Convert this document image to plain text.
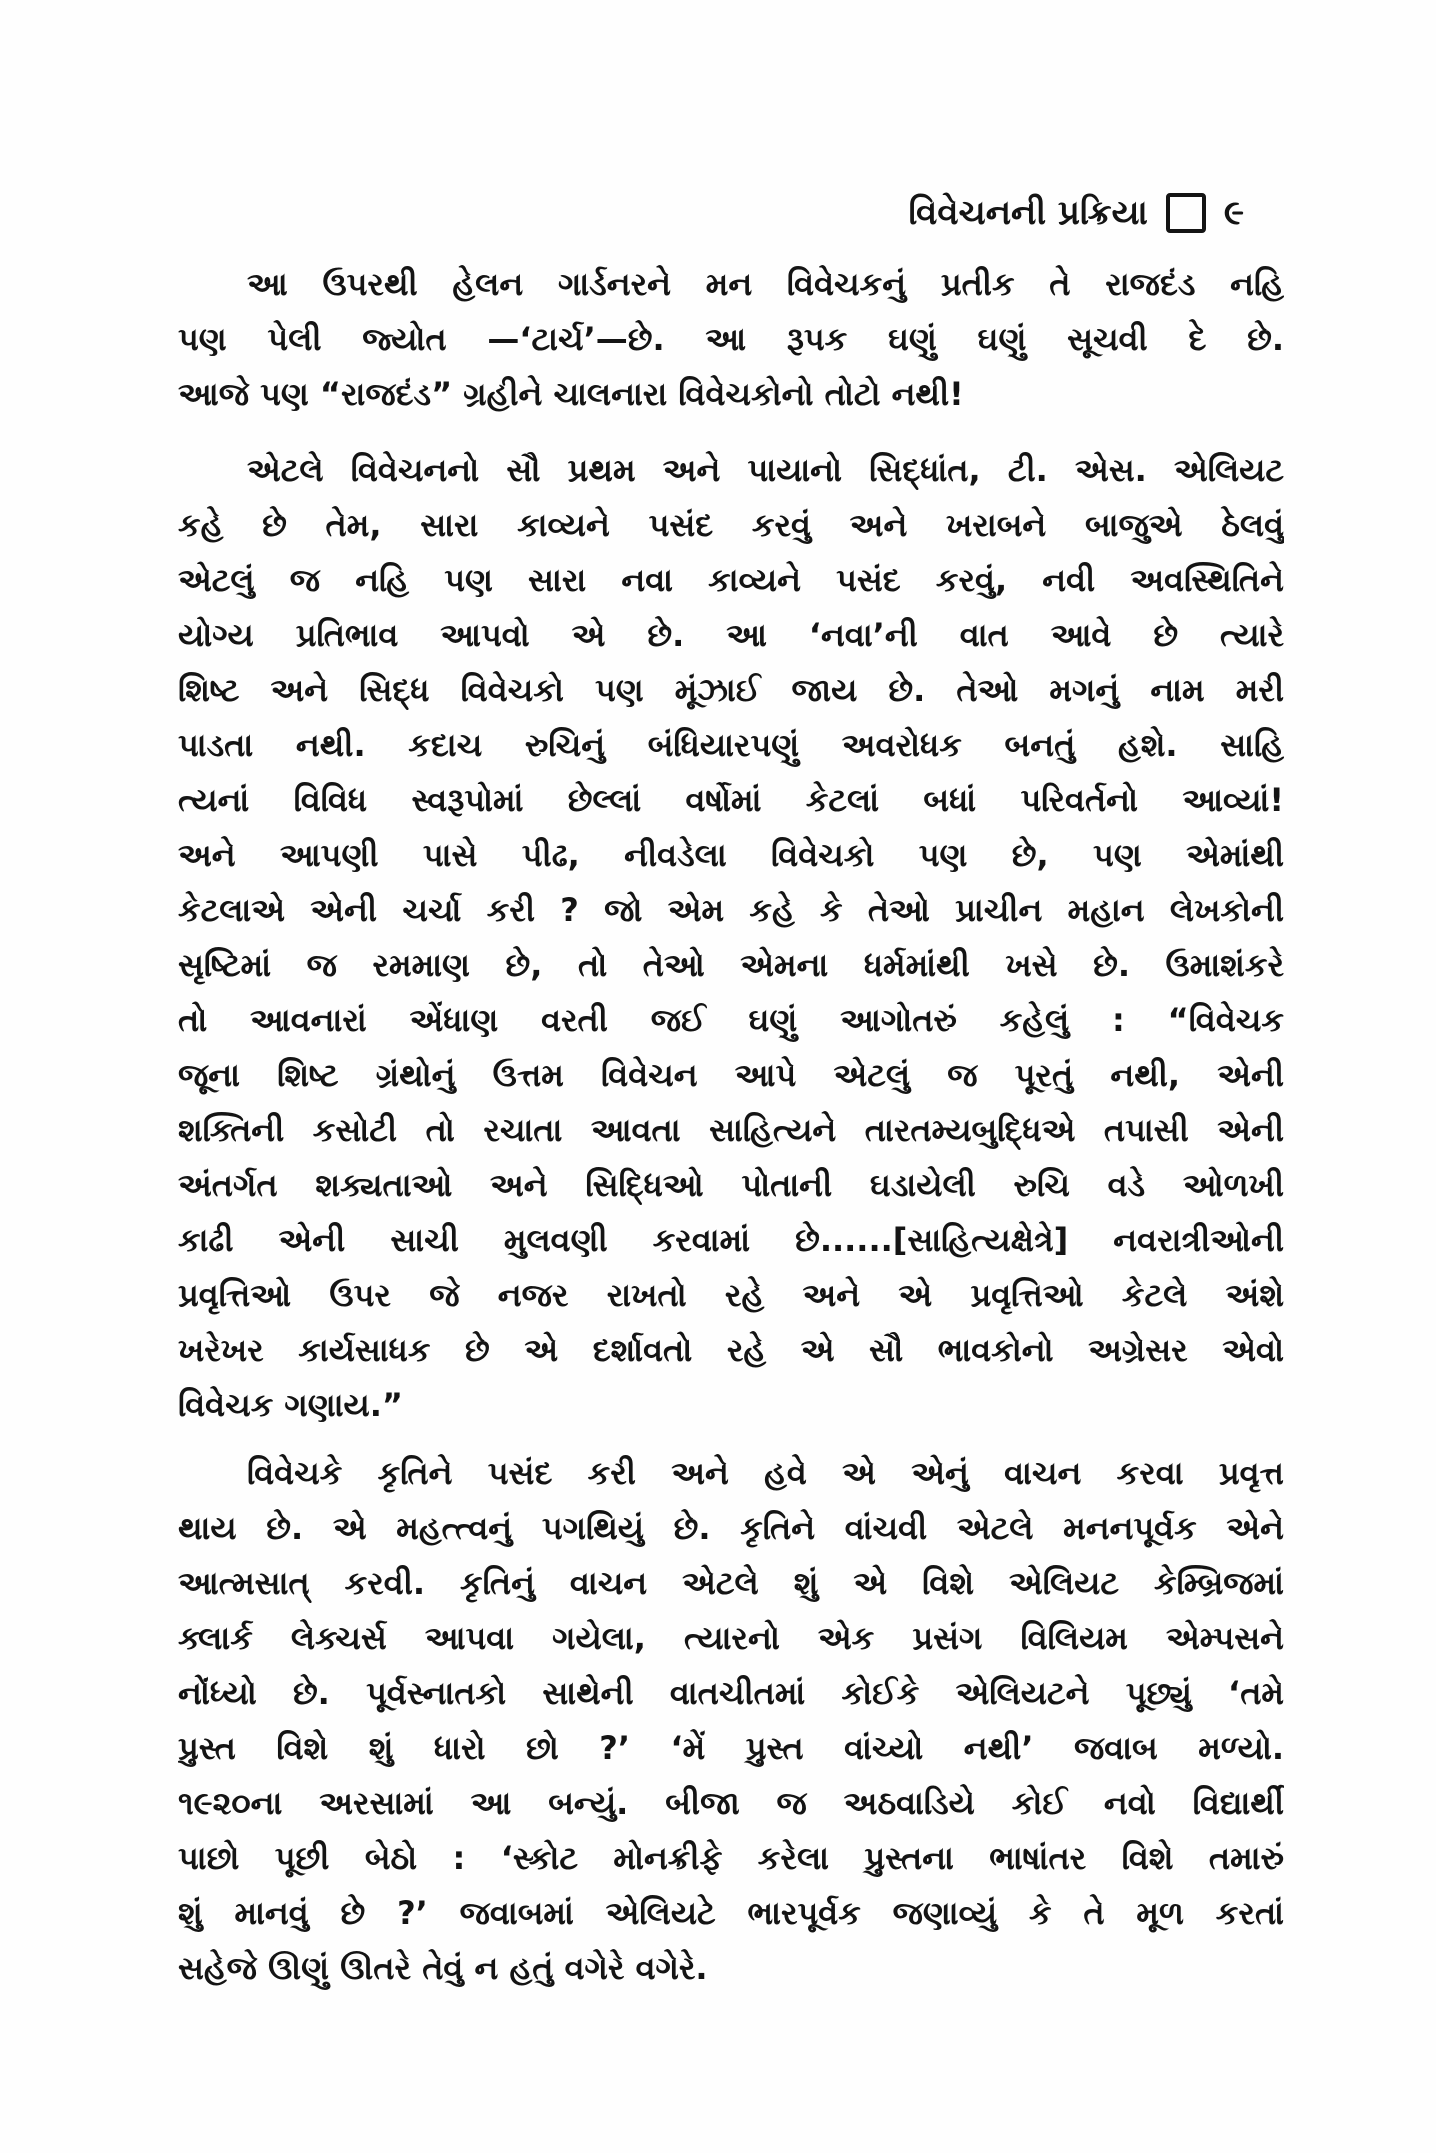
વિવેચનની પ્રક્રિયા ૯
આ ઉપરથી હેલન ગાર્ડનરને મન વિવેચકનું પ્રતીક તે રાજદંડ નહિ
પણ પેલી જ્યોત —‘ટાર્ચ’—છે. આ રૂપક ઘણું ઘણું સૂચવી દે છે.
આજે પણ “રાજદંડ” ગ્રહીને ચાલનારા વિવેચકોનો તોટો નથી!
એટલે વિવેચનનો સૌ પ્રથમ અને પાયાનો સિદ્ધાંત, ટી. એસ. એલિયટ
કહે છે તેમ, સારા કાવ્યને પસંદ કરવું અને ખરાબને બાજુએ ઠેલવું
એટલું જ નહિ પણ સારા નવા કાવ્યને પસંદ કરવું, નવી અવસ્થિતિને
યોગ્ય પ્રતિભાવ આપવો એ છે. આ ‘નવા’ની વાત આવે છે ત્યારે
શિષ્ટ અને સિદ્ધ વિવેચકો પણ મૂંઝાઈ જાય છે. તેઓ મગનું નામ મરી
પાડતા નથી. કદાચ રુચિનું બંધિયારપણું અવરોધક બનતું હશે. સાહિ
ત્યનાં વિવિધ સ્વરૂપોમાં છેલ્લાં વર્ષોમાં કેટલાં બધાં પરિવર્તનો આવ્યાં!
અને આપણી પાસે પીઢ, નીવડેલા વિવેચકો પણ છે, પણ એમાંથી
કેટલાએ એની ચર્ચા કરી ? જો એમ કહે કે તેઓ પ્રાચીન મહાન લેખકોની
સૃષ્ટિમાં જ રમમાણ છે, તો તેઓ એમના ધર્મમાંથી ખસે છે. ઉમાશંકરે
તો આવનારાં એંધાણ વરતી જઈ ઘણું આગોતરું કહેલું : “વિવેચક
જૂના શિષ્ટ ગ્રંથોનું ઉત્તમ વિવેચન આપે એટલું જ પૂરતું નથી, એની
શક્તિની કસોટી તો રચાતા આવતા સાહિત્યને તારતમ્યબુદ્ધિએ તપાસી એની
અંતર્ગત શક્યતાઓ અને સિદ્ધિઓ પોતાની ઘડાયેલી રુચિ વડે ઓળખી
કાઢી એની સાચી મુલવણી કરવામાં છે......[સાહિત્યક્ષેત્રે] નવરાત્રીઓની
પ્રવૃત્તિઓ ઉપર જે નજર રાખતો રહે અને એ પ્રવૃત્તિઓ કેટલે અંશે
ખરેખર કાર્યસાધક છે એ દર્શાવતો રહે એ સૌ ભાવકોનો અગ્રેસર એવો
વિવેચક ગણાય.”
વિવેચકે કૃતિને પસંદ કરી અને હવે એ એનું વાચન કરવા પ્રવૃત્ત
થાય છે. એ મહત્ત્વનું પગથિયું છે. કૃતિને વાંચવી એટલે મનનપૂર્વક એને
આત્મસાત્ કરવી. કૃતિનું વાચન એટલે શું એ વિશે એલિયટ કેમ્બ્રિજમાં
ક્લાર્ક લેક્ચર્સ આપવા ગયેલા, ત્યારનો એક પ્રસંગ વિલિયમ એમ્પસને
નોંધ્યો છે. પૂર્વસ્નાતકો સાથેની વાતચીતમાં કોઈકે એલિયટને પૂછ્યું ‘તમે
પ્રુસ્ત વિશે શું ધારો છો ?’ ‘મેં પ્રુસ્ત વાંચ્યો નથી’ જવાબ મળ્યો.
૧૯૨૦ના અરસામાં આ બન્યું. બીજા જ અઠવાડિયે કોઈ નવો વિદ્યાર્થી
પાછો પૂછી બેઠો : ‘સ્કોટ મોનક્રીફે કરેલા પ્રુસ્તના ભાષાંતર વિશે તમારું
શું માનવું છે ?’ જવાબમાં એલિયટે ભારપૂર્વક જણાવ્યું કે તે મૂળ કરતાં
સહેજે ઊણું ઊતરે તેવું ન હતું વગેરે વગેરે.
